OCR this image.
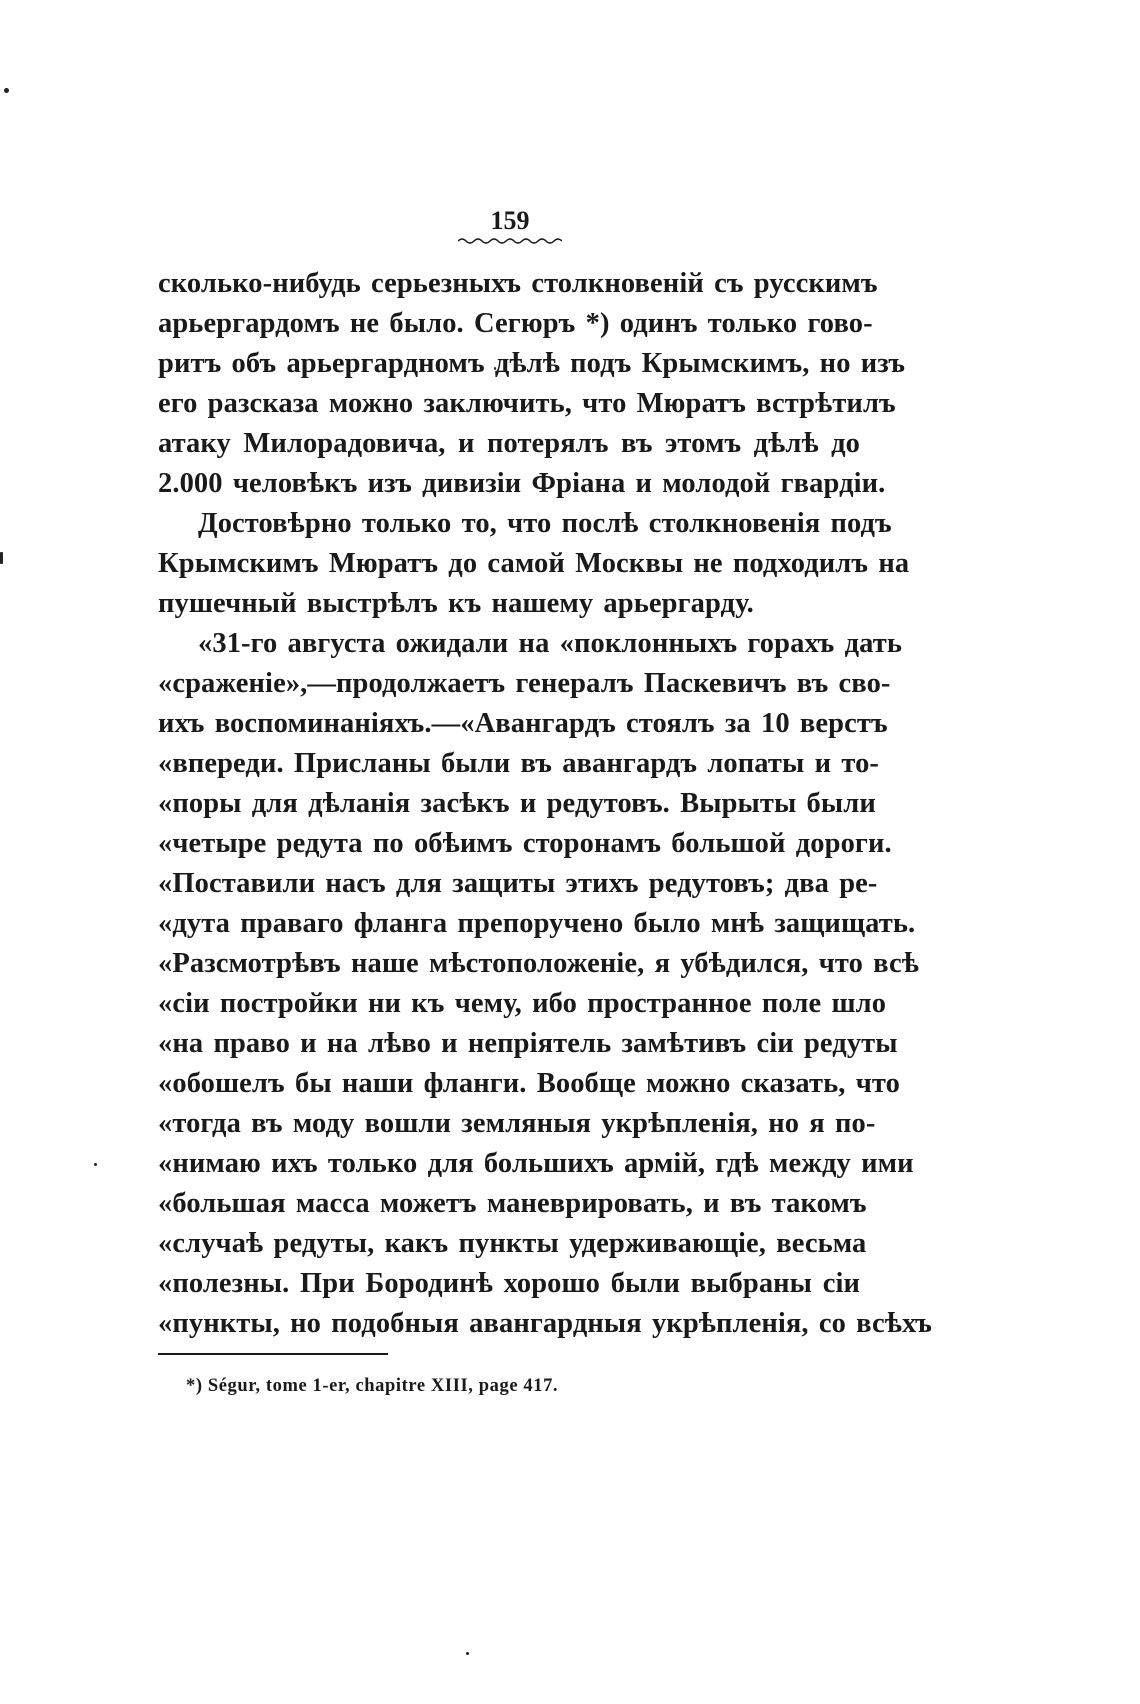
159
сколько-нибудь серьезныхъ столкновенiй съ русскимъ
арьергардомъ не было. Сегюръ *) одинъ только гово-
ритъ объ арьергардномъ дѣлѣ подъ Крымскимъ, но изъ
его разсказа можно заключить, что Мюратъ встрѣтилъ
атаку Милорадовича, и потерялъ въ этомъ дѣлѣ до
2.000 человѣкъ изъ дивизiи Фрiана и молодой гвардiи.
Достовѣрно только то, что послѣ столкновенiя подъ
Крымскимъ Мюратъ до самой Москвы не подходилъ на
пушечный выстрѣлъ къ нашему арьергарду.
«31-го августа ожидали на «поклонныхъ горахъ дать
«сраженiе»,—продолжаетъ генералъ Паскевичъ въ сво-
ихъ воспоминанiяхъ.—«Авангардъ стоялъ за 10 верстъ
«впереди. Присланы были въ авангардъ лопаты и то-
«поры для дѣланiя засѣкъ и редутовъ. Вырыты были
«четыре редута по обѣимъ сторонамъ большой дороги.
«Поставили насъ для защиты этихъ редутовъ; два ре-
«дута праваго фланга препоручено было мнѣ защищать.
«Разсмотрѣвъ наше мѣстоположенiе, я убѣдился, что всѣ
«сiи постройки ни къ чему, ибо пространное поле шло
«на право и на лѣво и непрiятель замѣтивъ сiи редуты
«обошелъ бы наши фланги. Вообще можно сказать, что
«тогда въ моду вошли земляныя укрѣпленiя, но я по-
«нимаю ихъ только для большихъ армiй, гдѣ между ими
«большая масса можетъ маневрировать, и въ такомъ
«случаѣ редуты, какъ пункты удерживающiе, весьма
«полезны. При Бородинѣ хорошо были выбраны сiи
«пункты, но подобныя авангардныя укрѣпленiя, со всѣхъ
*) Ségur, tome 1-er, chapitre XIII, page 417.
